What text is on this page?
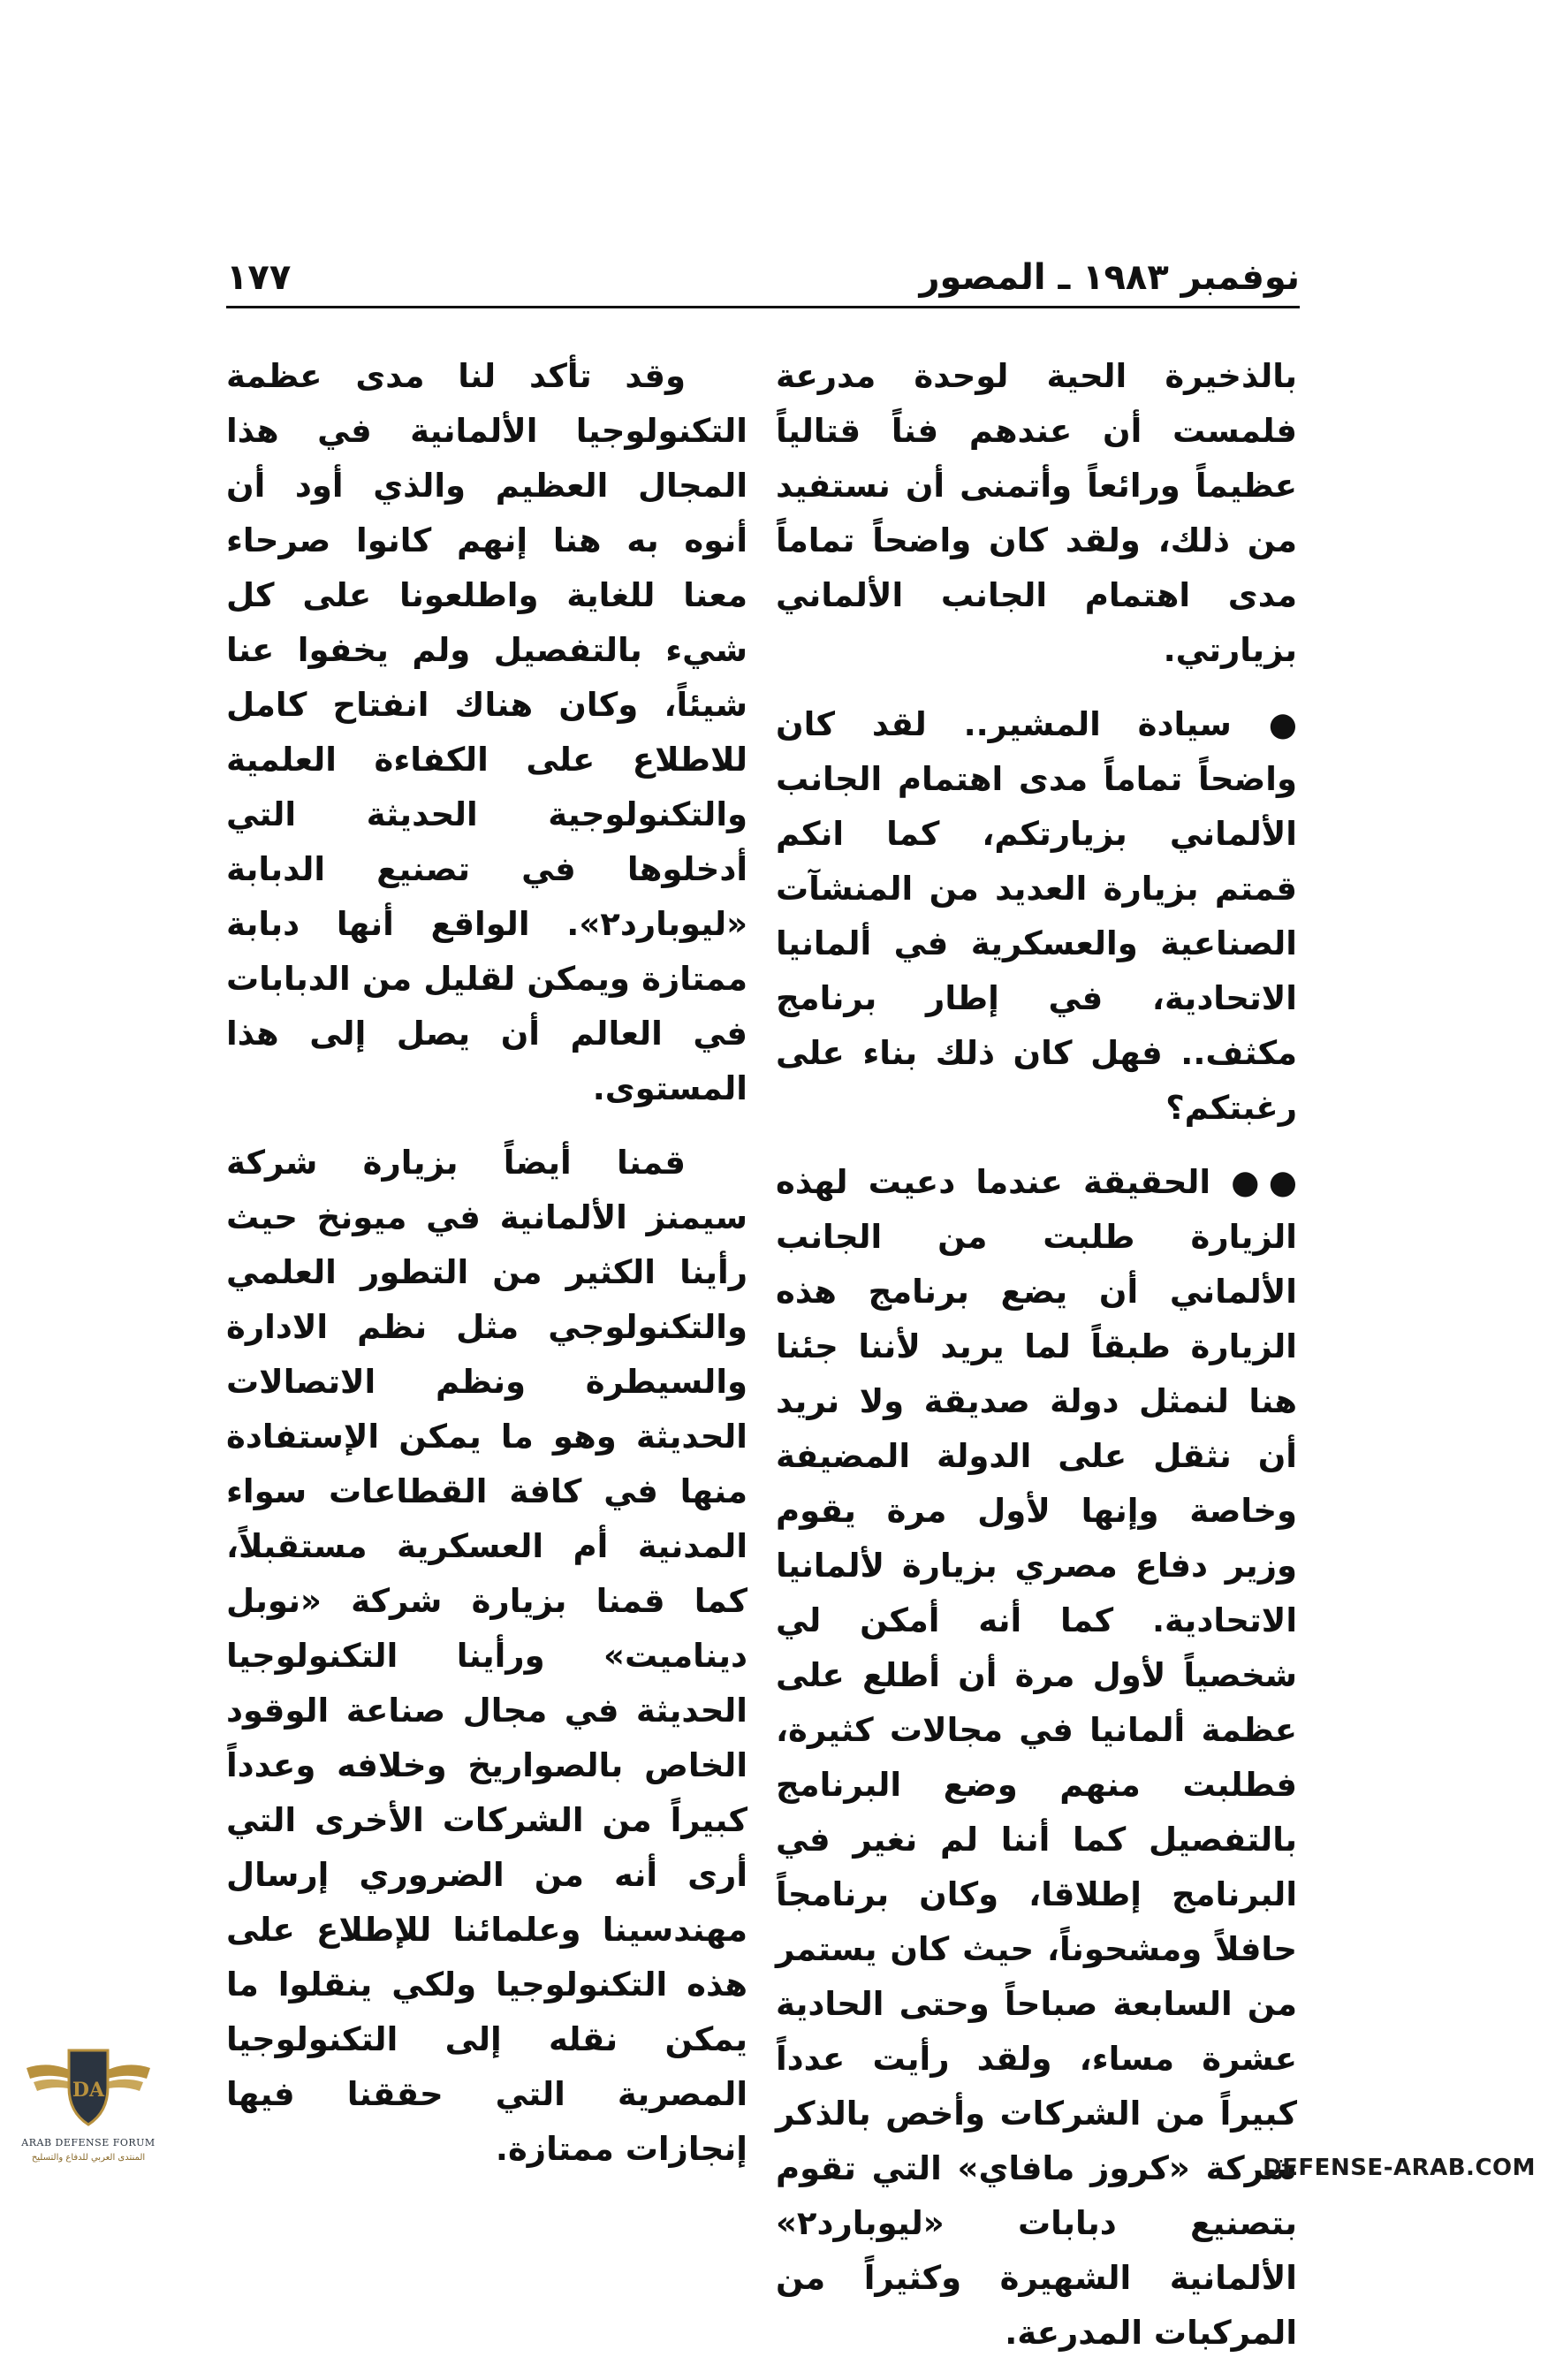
نوفمبر ١٩٨٣ ـ المصور
١٧٧

بالذخيرة الحية لوحدة مدرعة فلمست أن عندهم فناً قتالياً عظيماً ورائعاً وأتمنى أن نستفيد من ذلك، ولقد كان واضحاً تماماً مدى اهتمام الجانب الألماني بزيارتي.

● سيادة المشير.. لقد كان واضحاً تماماً مدى اهتمام الجانب الألماني بزيارتكم، كما انكم قمتم بزيارة العديد من المنشآت الصناعية والعسكرية في ألمانيا الاتحادية، في إطار برنامج مكثف.. فهل كان ذلك بناء على رغبتكم؟

●● الحقيقة عندما دعيت لهذه الزيارة طلبت من الجانب الألماني أن يضع برنامج هذه الزيارة طبقاً لما يريد لأننا جئنا هنا لنمثل دولة صديقة ولا نريد أن نثقل على الدولة المضيفة وخاصة وإنها لأول مرة يقوم وزير دفاع مصري بزيارة لألمانيا الاتحادية. كما أنه أمكن لي شخصياً لأول مرة أن أطلع على عظمة ألمانيا في مجالات كثيرة، فطلبت منهم وضع البرنامج بالتفصيل كما أننا لم نغير في البرنامج إطلاقا، وكان برنامجاً حافلاً ومشحوناً، حيث كان يستمر من السابعة صباحاً وحتى الحادية عشرة مساء، ولقد رأيت عدداً كبيراً من الشركات وأخص بالذكر شركة «كروز مافاي» التي تقوم بتصنيع دبابات «ليوبارد٢» الألمانية الشهيرة وكثيراً من المركبات المدرعة.

وقد تأكد لنا مدى عظمة التكنولوجيا الألمانية في هذا المجال العظيم والذي أود أن أنوه به هنا إنهم كانوا صرحاء معنا للغاية واطلعونا على كل شيء بالتفصيل ولم يخفوا عنا شيئاً، وكان هناك انفتاح كامل للاطلاع على الكفاءة العلمية والتكنولوجية الحديثة التي أدخلوها في تصنيع الدبابة «ليوبارد٢». الواقع أنها دبابة ممتازة ويمكن لقليل من الدبابات في العالم أن يصل إلى هذا المستوى.

قمنا أيضاً بزيارة شركة سيمنز الألمانية في ميونخ حيث رأينا الكثير من التطور العلمي والتكنولوجي مثل نظم الادارة والسيطرة ونظم الاتصالات الحديثة وهو ما يمكن الإستفادة منها في كافة القطاعات سواء المدنية أم العسكرية مستقبلاً، كما قمنا بزيارة شركة «نوبل ديناميت» ورأينا التكنولوجيا الحديثة في مجال صناعة الوقود الخاص بالصواريخ وخلافه وعدداً كبيراً من الشركات الأخرى التي أرى أنه من الضروري إرسال مهندسينا وعلمائنا للإطلاع على هذه التكنولوجيا ولكي ينقلوا ما يمكن نقله إلى التكنولوجيا المصرية التي حققنا فيها إنجازات ممتازة.

DA
ARAB DEFENSE FORUM
المنتدى العربي للدفاع والتسليح	DEFENSE-ARAB.COM
